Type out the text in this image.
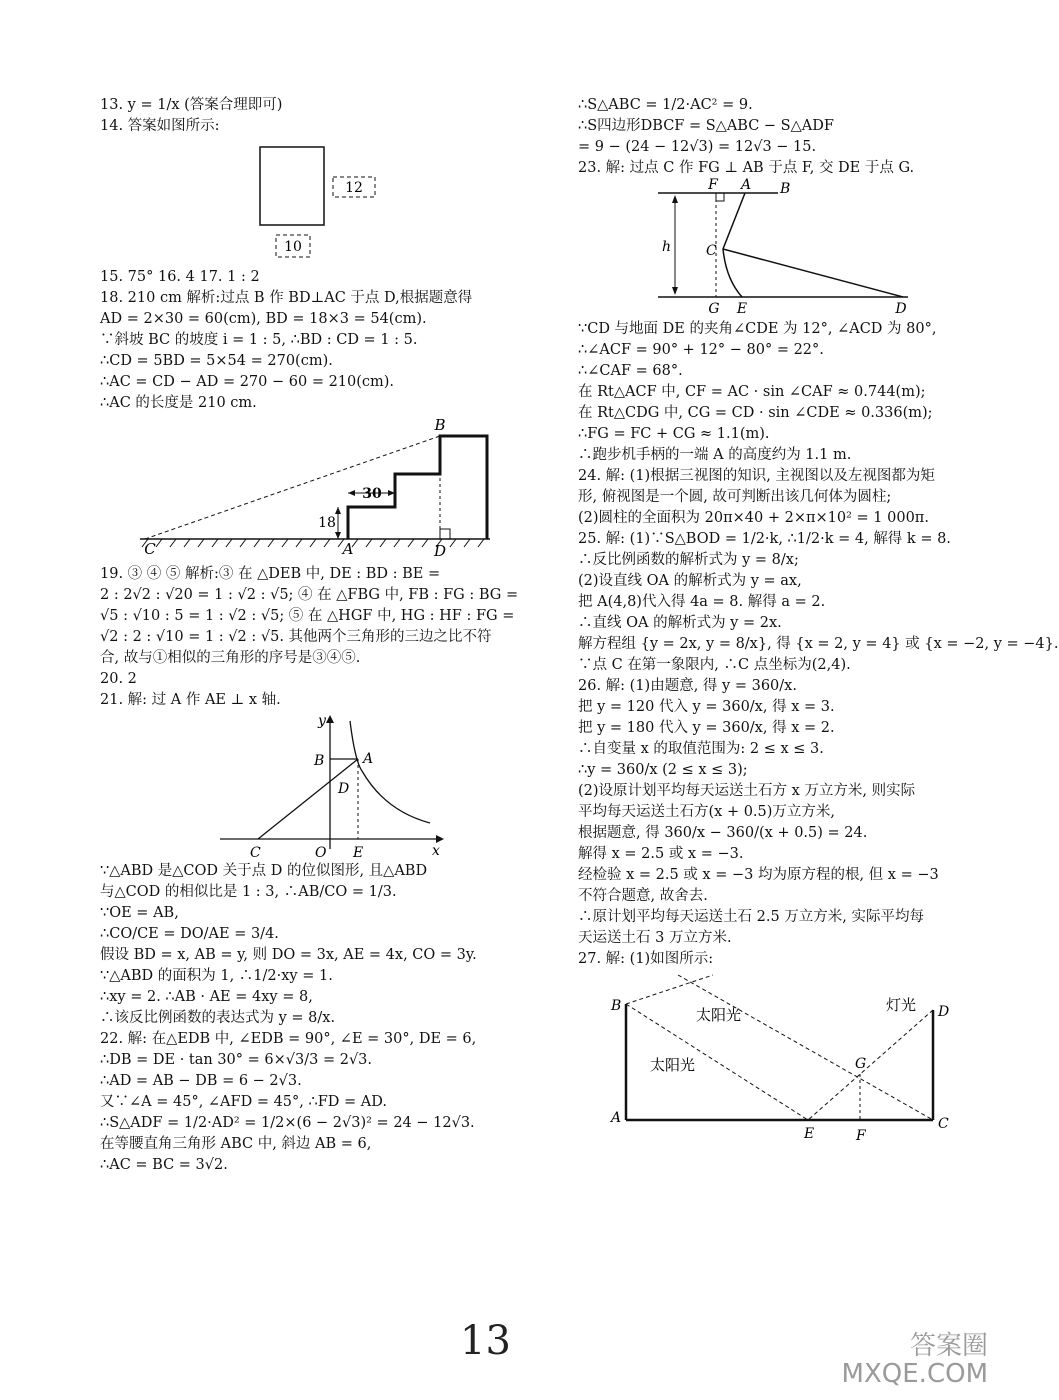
13. y = 1/x (答案合理即可)
14. 答案如图所示:
12
10
15. 75° 16. 4 17. 1 : 2
18. 210 cm 解析:过点 B 作 BD⊥AC 于点 D,根据题意得
AD = 2×30 = 60(cm), BD = 18×3 = 54(cm).
∵斜坡 BC 的坡度 i = 1 : 5, ∴BD : CD = 1 : 5.
∴CD = 5BD = 5×54 = 270(cm).
∴AC = CD − AD = 270 − 60 = 210(cm).
∴AC 的长度是 210 cm.
30
18
B
C	A	D
19. ③ ④ ⑤ 解析:③ 在 △DEB 中, DE : BD : BE =
2 : 2√2 : √20 = 1 : √2 : √5; ④ 在 △FBG 中, FB : FG : BG =
√5 : √10 : 5 = 1 : √2 : √5; ⑤ 在 △HGF 中, HG : HF : FG =
√2 : 2 : √10 = 1 : √2 : √5. 其他两个三角形的三边之比不符
合, 故与①相似的三角形的序号是③④⑤.
20. 2
21. 解: 过 A 作 AE ⊥ x 轴.
y
x
B	A
D
C	O E
∵△ABD 是△COD 关于点 D 的位似图形, 且△ABD
与△COD 的相似比是 1 : 3, ∴AB/CO = 1/3.
∵OE = AB,
∴CO/CE = DO/AE = 3/4.
假设 BD = x, AB = y, 则 DO = 3x, AE = 4x, CO = 3y.
∵△ABD 的面积为 1, ∴1/2·xy = 1.
∴xy = 2. ∴AB · AE = 4xy = 8,
∴该反比例函数的表达式为 y = 8/x.
22. 解: 在△EDB 中, ∠EDB = 90°, ∠E = 30°, DE = 6,
∴DB = DE · tan 30° = 6×√3/3 = 2√3.
∴AD = AB − DB = 6 − 2√3.
又∵∠A = 45°, ∠AFD = 45°, ∴FD = AD.
∴S△ADF = 1/2·AD² = 1/2×(6 − 2√3)² = 24 − 12√3.
在等腰直角三角形 ABC 中, 斜边 AB = 6,
∴AC = BC = 3√2.
∴S△ABC = 1/2·AC² = 9.
∴S四边形DBCF = S△ABC − S△ADF
= 9 − (24 − 12√3) = 12√3 − 15.
23. 解: 过点 C 作 FG ⊥ AB 于点 F, 交 DE 于点 G.
F A B
h C
G E	D
∵CD 与地面 DE 的夹角∠CDE 为 12°, ∠ACD 为 80°,
∴∠ACF = 90° + 12° − 80° = 22°.
∴∠CAF = 68°.
在 Rt△ACF 中, CF = AC · sin ∠CAF ≈ 0.744(m);
在 Rt△CDG 中, CG = CD · sin ∠CDE ≈ 0.336(m);
∴FG = FC + CG ≈ 1.1(m).
∴跑步机手柄的一端 A 的高度约为 1.1 m.
24. 解: (1)根据三视图的知识, 主视图以及左视图都为矩
形, 俯视图是一个圆, 故可判断出该几何体为圆柱;
(2)圆柱的全面积为 20π×40 + 2×π×10² = 1 000π.
25. 解: (1)∵S△BOD = 1/2·k, ∴1/2·k = 4, 解得 k = 8.
∴反比例函数的解析式为 y = 8/x;
(2)设直线 OA 的解析式为 y = ax,
把 A(4,8)代入得 4a = 8. 解得 a = 2.
∴直线 OA 的解析式为 y = 2x.
解方程组 {y = 2x, y = 8/x}, 得 {x = 2, y = 4} 或 {x = −2, y = −4}.
∵点 C 在第一象限内, ∴C 点坐标为(2,4).
26. 解: (1)由题意, 得 y = 360/x.
把 y = 120 代入 y = 360/x, 得 x = 3.
把 y = 180 代入 y = 360/x, 得 x = 2.
∴自变量 x 的取值范围为: 2 ≤ x ≤ 3.
∴y = 360/x (2 ≤ x ≤ 3);
(2)设原计划平均每天运送土石方 x 万立方米, 则实际
平均每天运送土石方(x + 0.5)万立方米,
根据题意, 得 360/x − 360/(x + 0.5) = 24.
解得 x = 2.5 或 x = −3.
经检验 x = 2.5 或 x = −3 均为原方程的根, 但 x = −3
不符合题意, 故舍去.
∴原计划平均每天运送土石 2.5 万立方米, 实际平均每
天运送土石 3 万立方米.
27. 解: (1)如图所示:
B
A
E	F
C
D
G
太阳光
太阳光
灯光
13	答案圈
MXQE.COM
